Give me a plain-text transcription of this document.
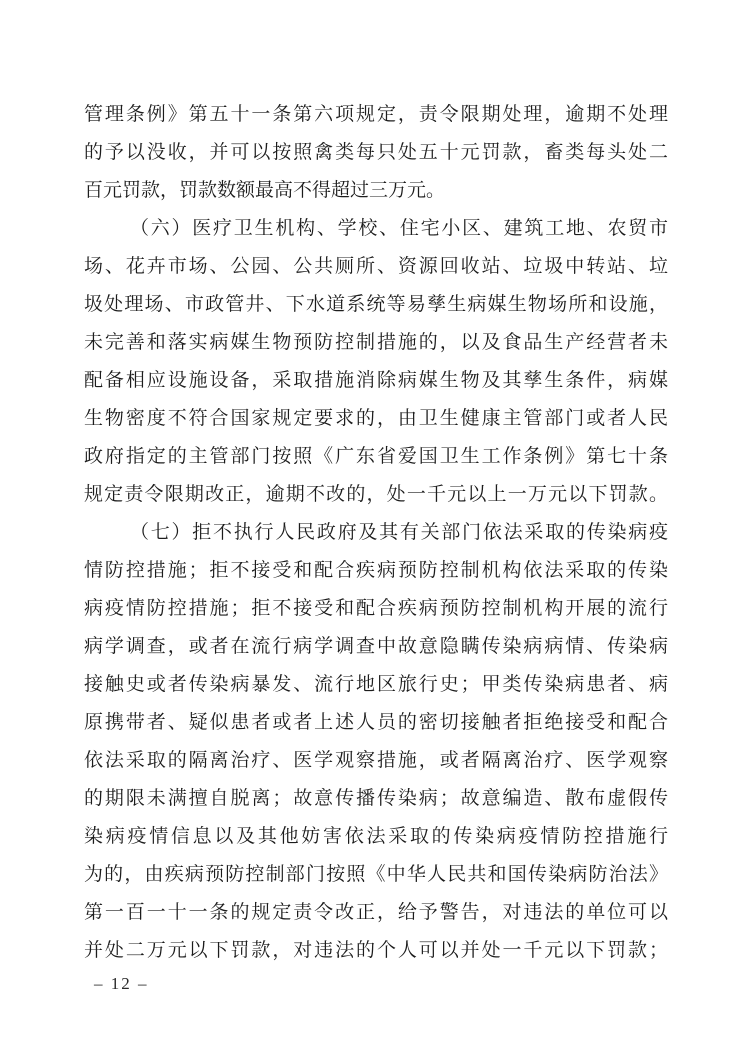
管理条例》第五十一条第六项规定，责令限期处理，逾期不处理
的予以没收，并可以按照禽类每只处五十元罚款，畜类每头处二
百元罚款，罚款数额最高不得超过三万元。
（六）医疗卫生机构、学校、住宅小区、建筑工地、农贸市
场、花卉市场、公园、公共厕所、资源回收站、垃圾中转站、垃
圾处理场、市政管井、下水道系统等易孳生病媒生物场所和设施，
未完善和落实病媒生物预防控制措施的，以及食品生产经营者未
配备相应设施设备，采取措施消除病媒生物及其孳生条件，病媒
生物密度不符合国家规定要求的，由卫生健康主管部门或者人民
政府指定的主管部门按照《广东省爱国卫生工作条例》第七十条
规定责令限期改正，逾期不改的，处一千元以上一万元以下罚款。
（七）拒不执行人民政府及其有关部门依法采取的传染病疫
情防控措施；拒不接受和配合疾病预防控制机构依法采取的传染
病疫情防控措施；拒不接受和配合疾病预防控制机构开展的流行
病学调查，或者在流行病学调查中故意隐瞒传染病病情、传染病
接触史或者传染病暴发、流行地区旅行史；甲类传染病患者、病
原携带者、疑似患者或者上述人员的密切接触者拒绝接受和配合
依法采取的隔离治疗、医学观察措施，或者隔离治疗、医学观察
的期限未满擅自脱离；故意传播传染病；故意编造、散布虚假传
染病疫情信息以及其他妨害依法采取的传染病疫情防控措施行
为的，由疾病预防控制部门按照《中华人民共和国传染病防治法》
第一百一十一条的规定责令改正，给予警告，对违法的单位可以
并处二万元以下罚款，对违法的个人可以并处一千元以下罚款；
– 12 –
